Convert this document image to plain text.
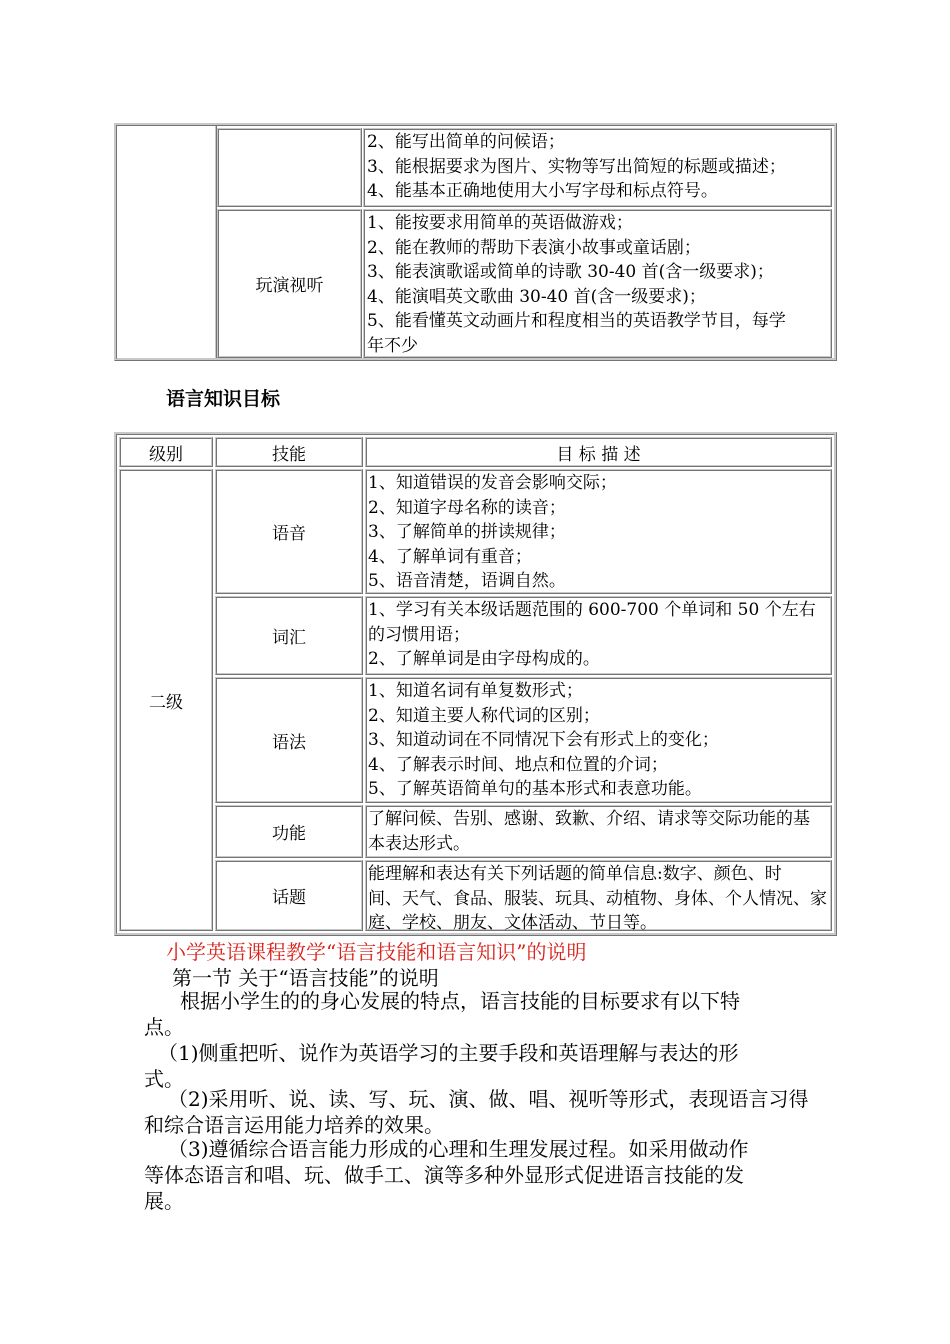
2、能写出简单的问候语；
3、能根据要求为图片、实物等写出简短的标题或描述；
4、能基本正确地使用大小写字母和标点符号。
玩演视听
1、能按要求用简单的英语做游戏；
2、能在教师的帮助下表演小故事或童话剧；
3、能表演歌谣或简单的诗歌 30-40 首(含一级要求)；
4、能演唱英文歌曲 30-40 首(含一级要求)；
5、能看懂英文动画片和程度相当的英语教学节目，每学
年不少
语言知识目标
级别	技能	目 标 描 述
二级
语音
1、知道错误的发音会影响交际；
2、知道字母名称的读音；
3、了解简单的拼读规律；
4、了解单词有重音；
5、语音清楚，语调自然。
词汇
1、学习有关本级话题范围的 600-700 个单词和 50 个左右
的习惯用语；
2、了解单词是由字母构成的。
语法
1、知道名词有单复数形式；
2、知道主要人称代词的区别；
3、知道动词在不同情况下会有形式上的变化；
4、了解表示时间、地点和位置的介词；
5、了解英语简单句的基本形式和表意功能。
功能
了解问候、告别、感谢、致歉、介绍、请求等交际功能的基
本表达形式。
话题
能理解和表达有关下列话题的简单信息:数字、颜色、时
间、天气、食品、服装、玩具、动植物、身体、个人情况、家
庭、学校、朋友、文体活动、节日等。
小学英语课程教学“语言技能和语言知识”的说明
第一节 关于“语言技能”的说明
根据小学生的的身心发展的特点，语言技能的目标要求有以下特
点。
（1)侧重把听、说作为英语学习的主要手段和英语理解与表达的形
式。
（2)采用听、说、读、写、玩、演、做、唱、视听等形式，表现语言习得
和综合语言运用能力培养的效果。
（3)遵循综合语言能力形成的心理和生理发展过程。如采用做动作
等体态语言和唱、玩、做手工、演等多种外显形式促进语言技能的发
展。
